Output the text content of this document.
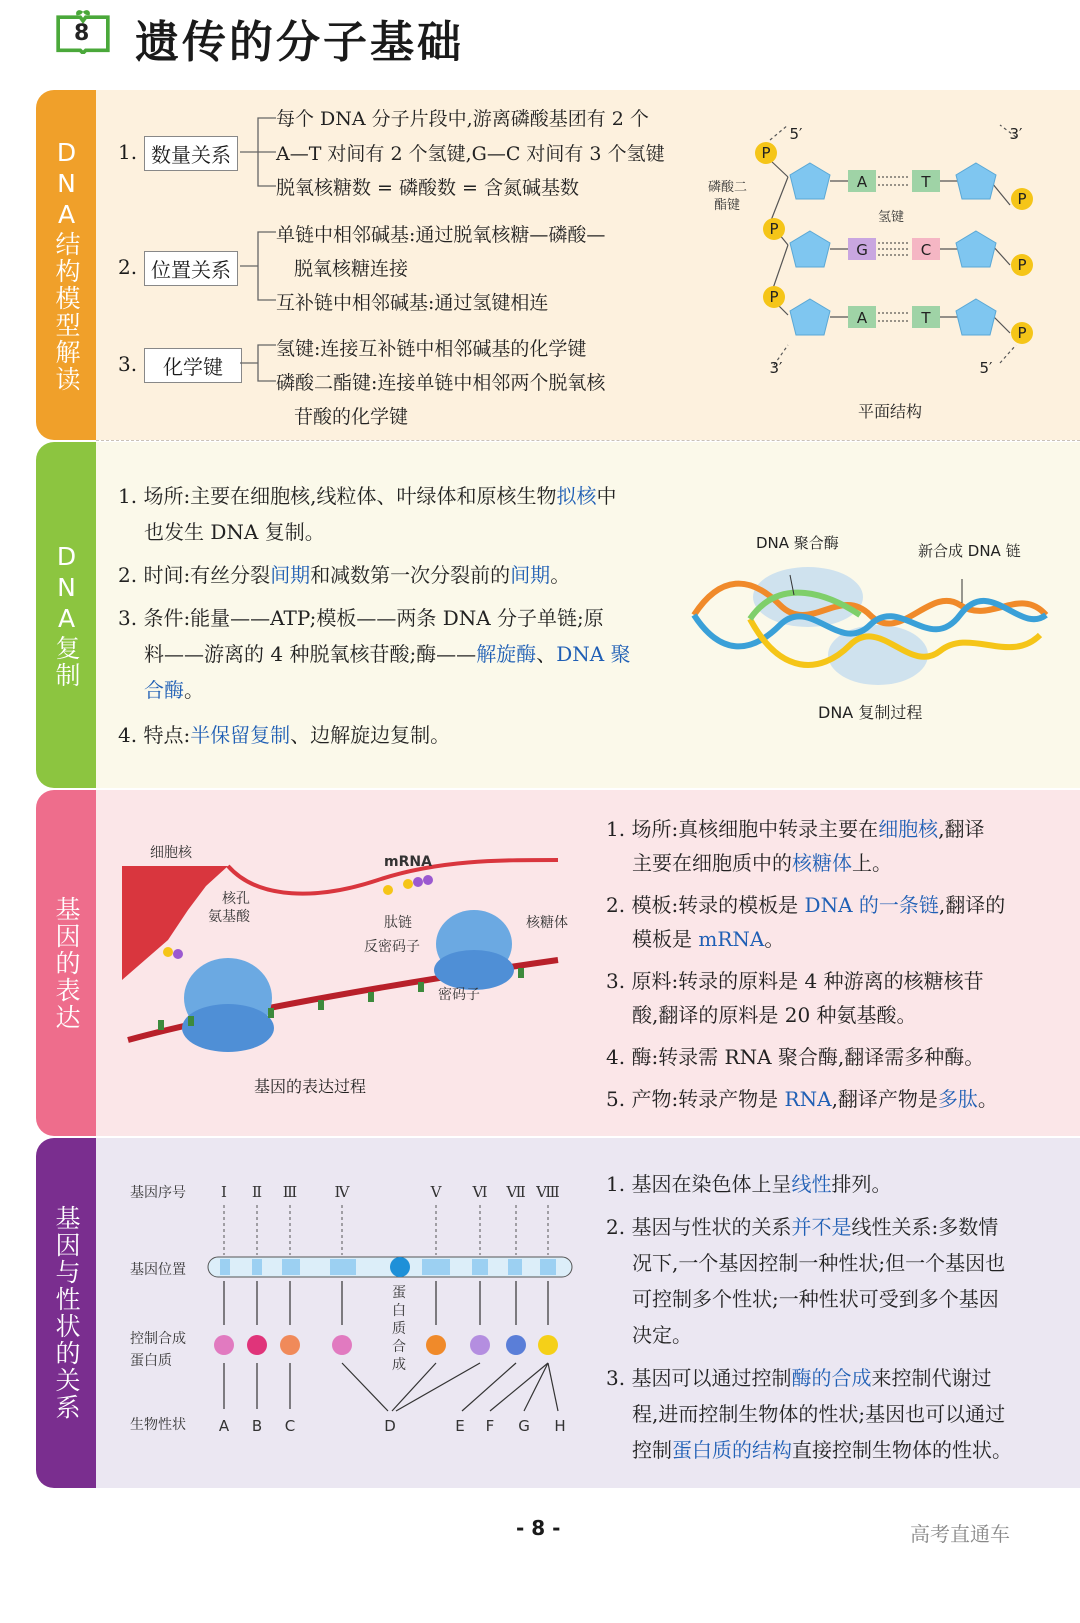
8 遗传的分子基础
DNA结构模型解读 1. 数量关系
每个 DNA 分子片段中,游离磷酸基团有 2 个
A—T 对间有 2 个氢键,G—C 对间有 3 个氢键
脱氧核糖数 = 磷酸数 = 含氮碱基数
2. 位置关系
单链中相邻碱基:通过脱氧核糖—磷酸—
脱氧核糖连接
互补链中相邻碱基:通过氢键相连
3.	化学键
氢键:连接互补链中相邻碱基的化学键
磷酸二酯键:连接单链中相邻两个脱氧核
苷酸的化学键
P
P
P
P
P
P
A	T
G	C
A	T
5′	3′
3′	5′
磷酸二
酯键
氢键
平面结构
DNA复制
1. 场所:主要在细胞核,线粒体、叶绿体和原核生物拟核中
也发生 DNA 复制。
2. 时间:有丝分裂间期和减数第一次分裂前的间期。
3. 条件:能量——ATP;模板——两条 DNA 分子单链;原
料——游离的 4 种脱氧核苷酸;酶——解旋酶、DNA 聚
合酶。
4. 特点:半保留复制、边解旋边复制。
DNA 聚合酶	新合成 DNA 链
DNA 复制过程
基因的表达
细胞核
核孔
氨基酸
mRNA
肽链
反密码子
核糖体
密码子
基因的表达过程
1. 场所:真核细胞中转录主要在细胞核,翻译
主要在细胞质中的核糖体上。
2. 模板:转录的模板是 DNA 的一条链,翻译的
模板是 mRNA。
3. 原料:转录的原料是 4 种游离的核糖核苷
酸,翻译的原料是 20 种氨基酸。
4. 酶:转录需 RNA 聚合酶,翻译需多种酶。
5. 产物:转录产物是 RNA,翻译产物是多肽。
基因与性状的关系
基因序号
基因位置
控制合成
蛋白质
生物性状
Ⅰ Ⅱ Ⅲ Ⅳ	Ⅴ Ⅵ Ⅶ Ⅷ
A B C	D	E F G H
蛋白质合成
1. 基因在染色体上呈线性排列。
2. 基因与性状的关系并不是线性关系:多数情
况下,一个基因控制一种性状;但一个基因也
可控制多个性状;一种性状可受到多个基因
决定。
3. 基因可以通过控制酶的合成来控制代谢过
程,进而控制生物体的性状;基因也可以通过
控制蛋白质的结构直接控制生物体的性状。
- 8 -	高考直通车
